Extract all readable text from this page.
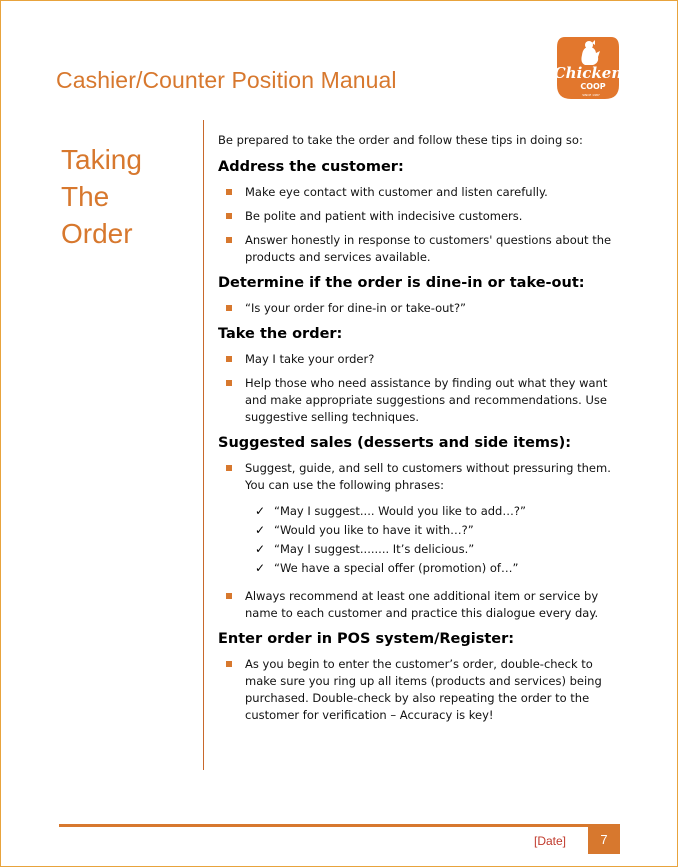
Cashier/Counter Position Manual	Chicken
COOP
SINCE 1987
Taking The
Order

Be prepared to take the order and follow these tips in doing so:

Address the customer:
Make eye contact with customer and listen carefully.
Be polite and patient with indecisive customers.
Answer honestly in response to customers' questions about the products and services available.
Determine if the order is dine-in or take-out:
“Is your order for dine-in or take-out?”
Take the order:
May I take your order?
Help those who need assistance by finding out what they want and make appropriate suggestions and recommendations. Use suggestive selling techniques.
Suggested sales (desserts and side items):
Suggest, guide, and sell to customers without pressuring them. You can use the following phrases:
✓ “May I suggest.... Would you like to add…?”
✓ “Would you like to have it with…?”
✓ “May I suggest........ It’s delicious.”
✓ “We have a special offer (promotion) of…”
Always recommend at least one additional item or service by name to each customer and practice this dialogue every day.
Enter order in POS system/Register:
As you begin to enter the customer’s order, double-check to make sure you ring up all items (products and services) being purchased. Double-check by also repeating the order to the customer for verification – Accuracy is key!
[Date]	7
